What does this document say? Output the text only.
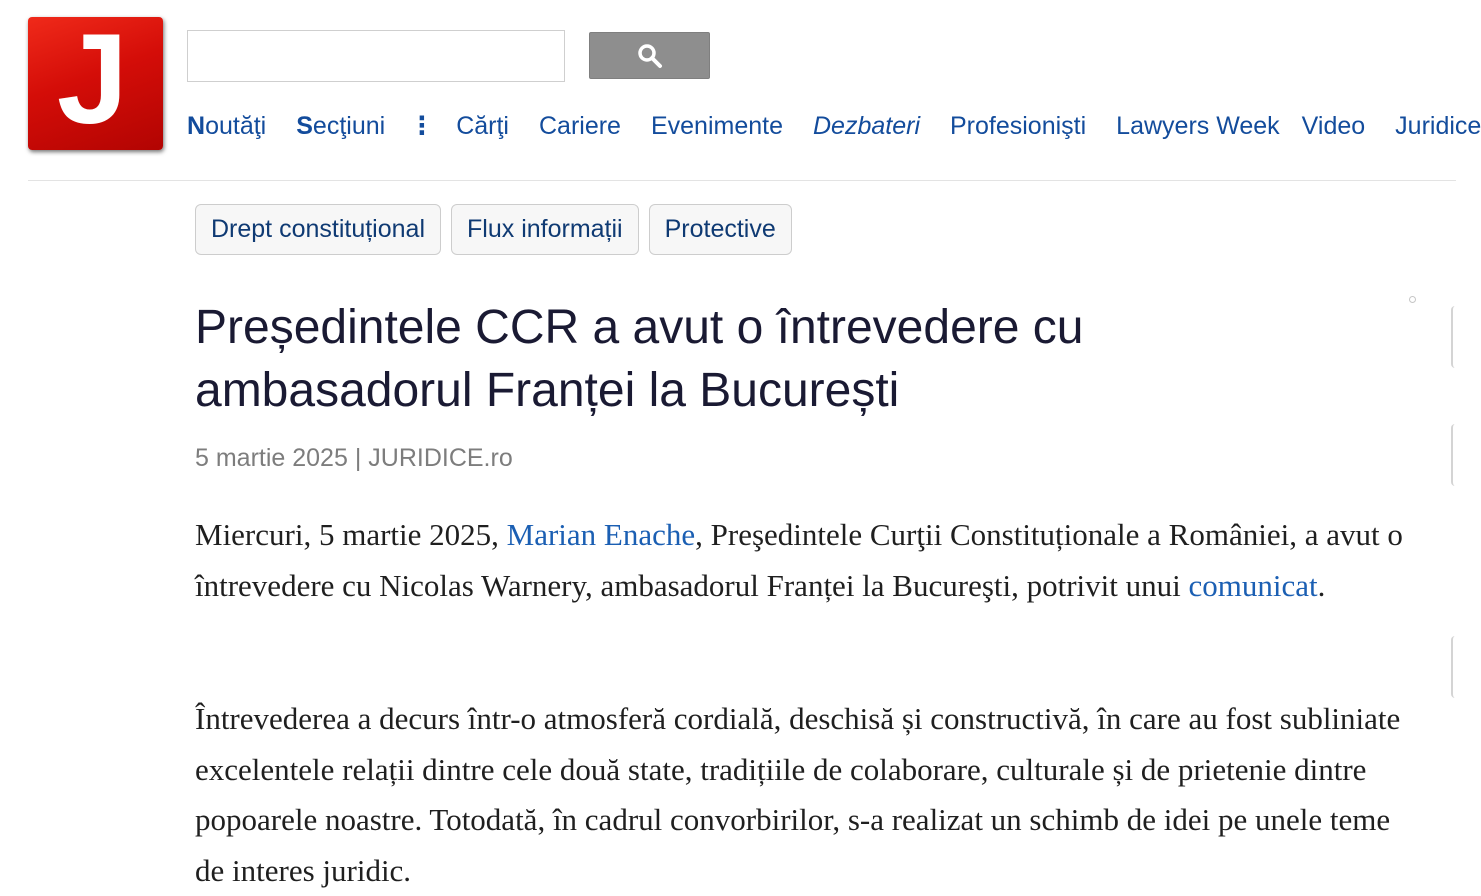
J	Noutăţi Secţiuni ⋮ Cărţi Cariere Evenimente Dezbateri Profesionişti Lawyers Week Video Juridice
Drept constituțional	Flux informații	Protective
Președintele CCR a avut o întrevedere cu ambasadorul Franței la București
5 martie 2025 | JURIDICE.ro

Miercuri, 5 martie 2025, Marian Enache, Preşedintele Curţii Constituționale a României, a avut o întrevedere cu Nicolas Warnery, ambasadorul Franței la Bucureşti, potrivit unui comunicat.

Întrevederea a decurs într-o atmosferă cordială, deschisă și constructivă, în care au fost subliniate excelentele relații dintre cele două state, tradițiile de colaborare, culturale și de prietenie dintre popoarele noastre. Totodată, în cadrul convorbirilor, s-a realizat un schimb de idei pe unele teme de interes juridic.
